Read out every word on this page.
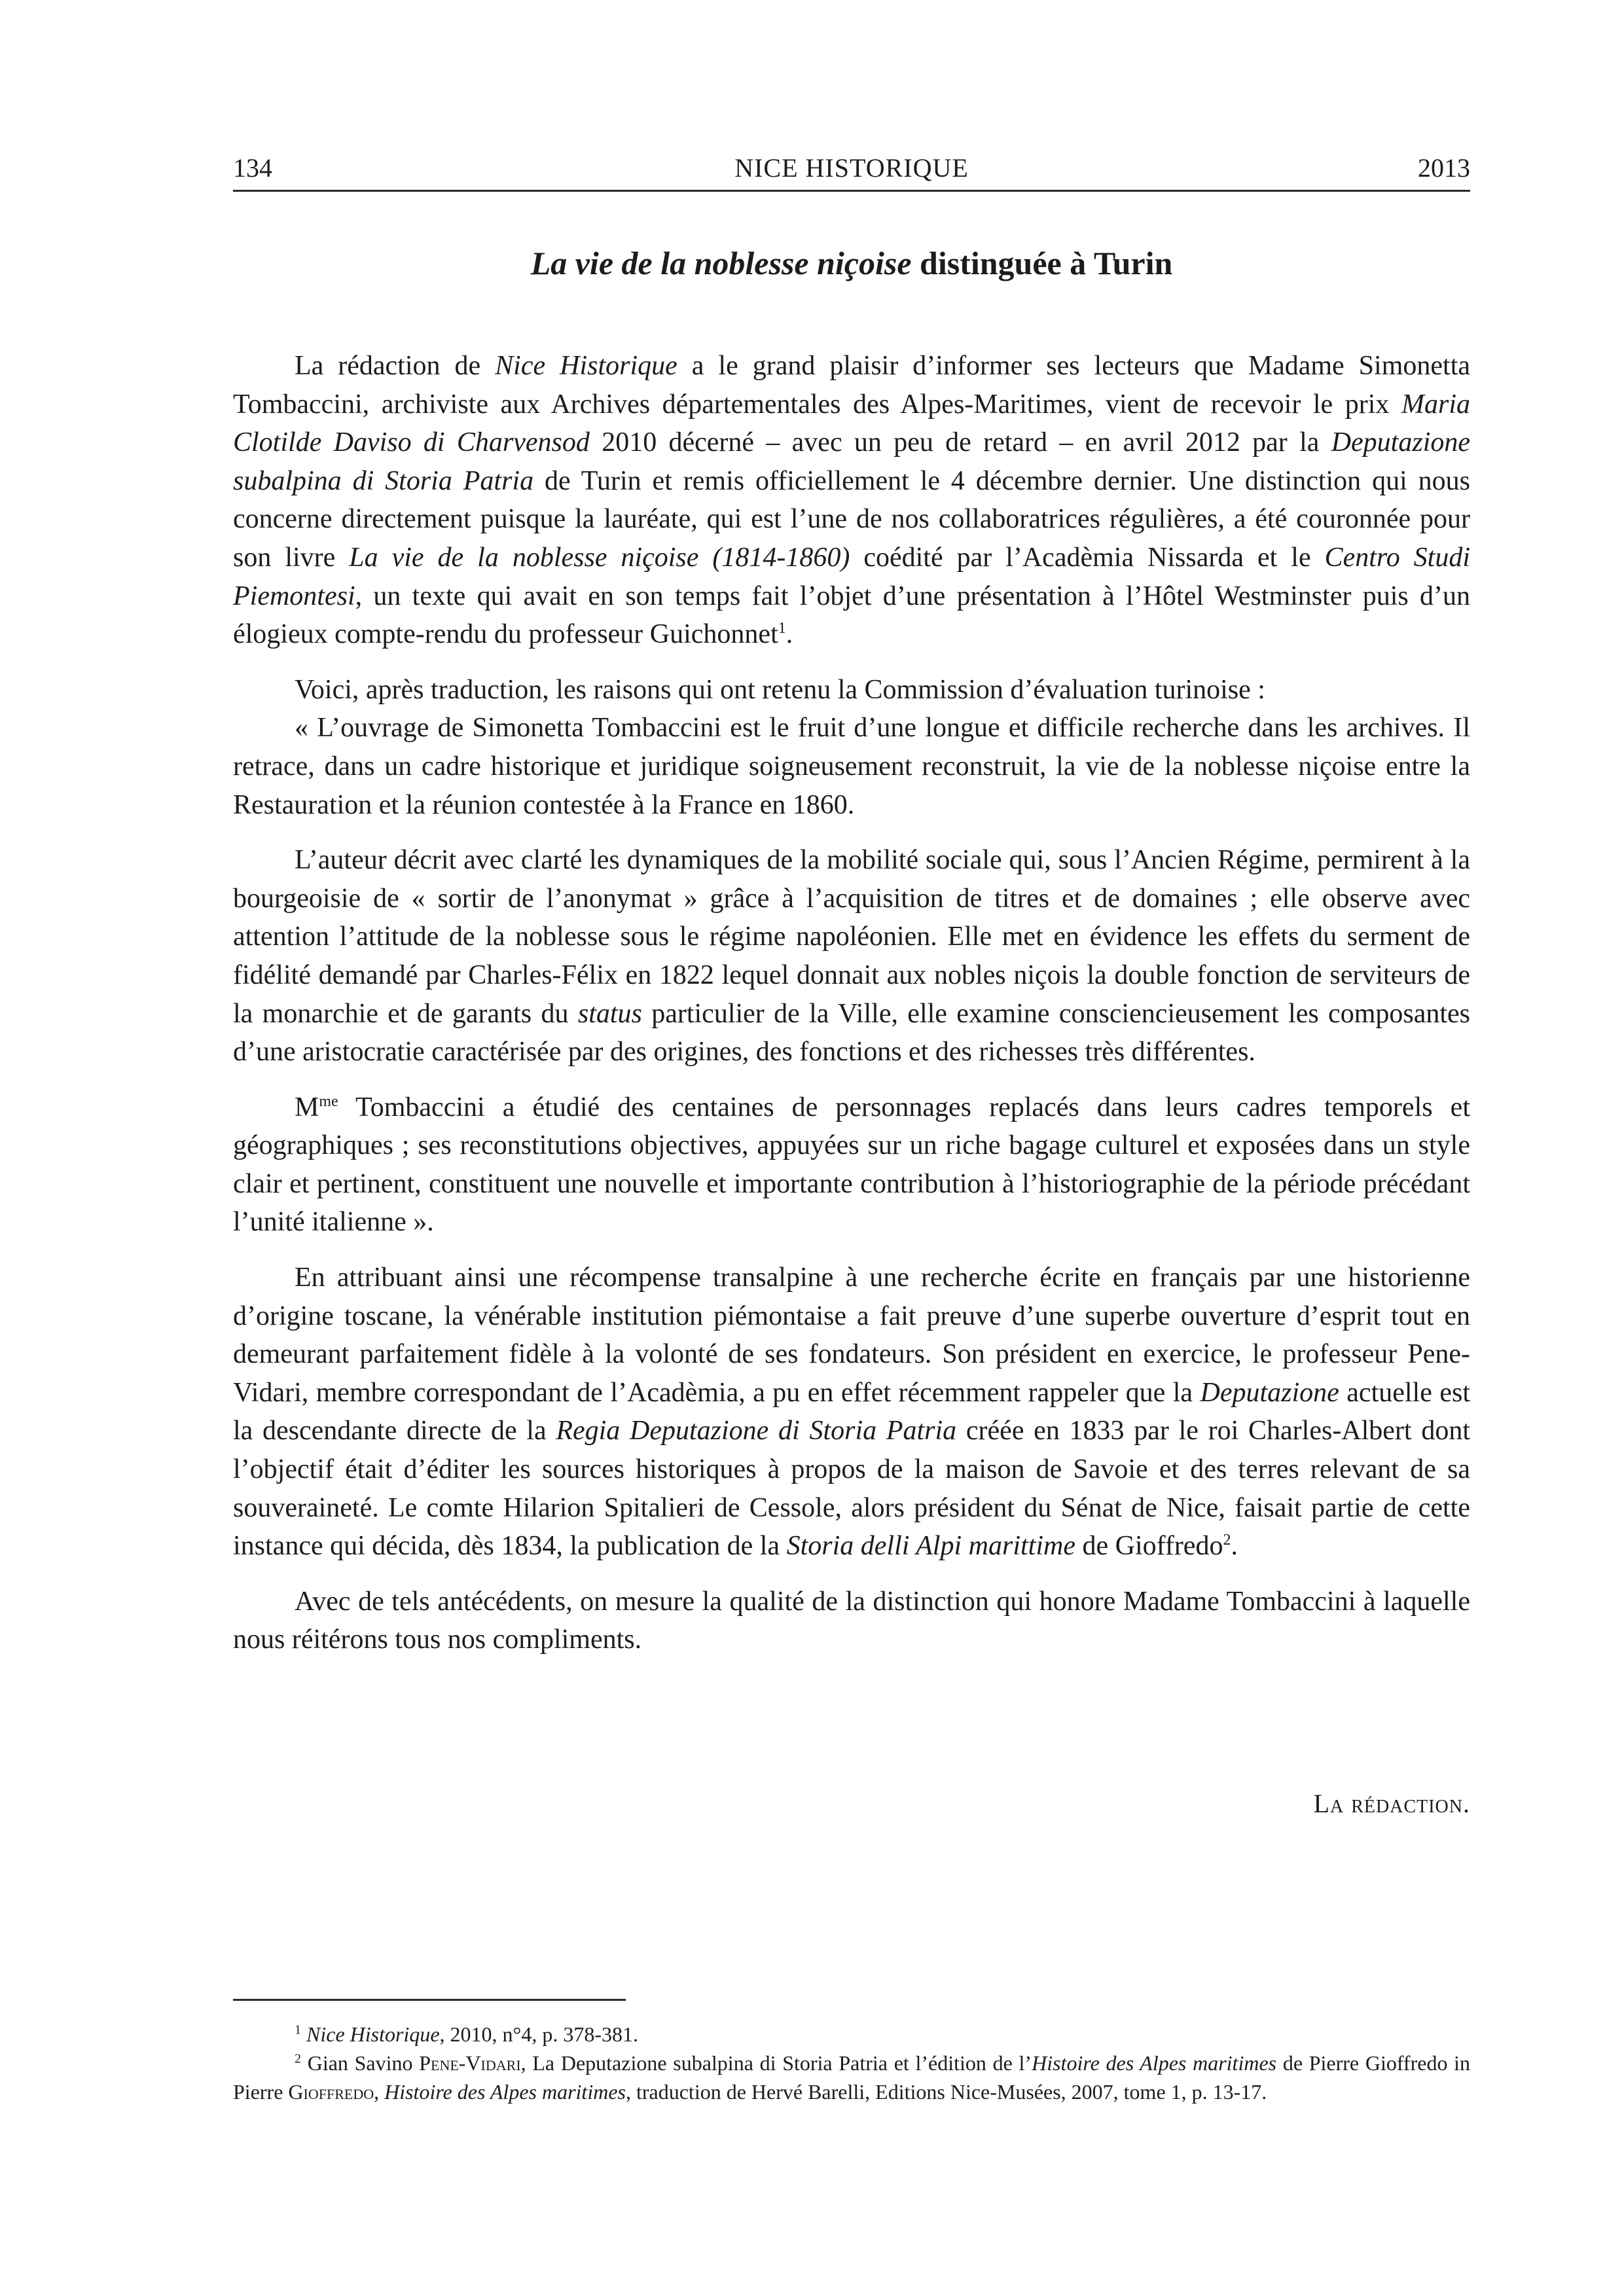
134	NICE HISTORIQUE	2013
La vie de la noblesse niçoise distinguée à Turin

La rédaction de Nice Historique a le grand plaisir d’informer ses lecteurs que Madame Simonetta Tombaccini, archiviste aux Archives départementales des Alpes-Maritimes, vient de recevoir le prix Maria Clotilde Daviso di Charvensod 2010 décerné – avec un peu de retard – en avril 2012 par la Deputazione subalpina di Storia Patria de Turin et remis officiellement le 4 décembre dernier. Une distinction qui nous concerne directement puisque la lauréate, qui est l’une de nos collaboratrices régulières, a été couronnée pour son livre La vie de la noblesse niçoise (1814-1860) coédité par l’Acadèmia Nissarda et le Centro Studi Piemontesi, un texte qui avait en son temps fait l’objet d’une présentation à l’Hôtel Westminster puis d’un élogieux compte-rendu du professeur Guichonnet$^1$.

Voici, après traduction, les raisons qui ont retenu la Commission d’évaluation turinoise :

« L’ouvrage de Simonetta Tombaccini est le fruit d’une longue et difficile recherche dans les archives. Il retrace, dans un cadre historique et juridique soigneusement reconstruit, la vie de la noblesse niçoise entre la Restauration et la réunion contestée à la France en 1860.

L’auteur décrit avec clarté les dynamiques de la mobilité sociale qui, sous l’Ancien Régime, permirent à la bourgeoisie de « sortir de l’anonymat » grâce à l’acquisition de titres et de domaines ; elle observe avec attention l’attitude de la noblesse sous le régime napoléonien. Elle met en évidence les effets du serment de fidélité demandé par Charles-Félix en 1822 lequel donnait aux nobles niçois la double fonction de serviteurs de la monarchie et de garants du status particulier de la Ville, elle examine consciencieusement les composantes d’une aristocratie caractérisée par des origines, des fonctions et des richesses très différentes.

$M^{me}$ Tombaccini a étudié des centaines de personnages replacés dans leurs cadres temporels et géographiques ; ses reconstitutions objectives, appuyées sur un riche bagage culturel et exposées dans un style clair et pertinent, constituent une nouvelle et importante contribution à l’historiographie de la période précédant l’unité italienne ».

En attribuant ainsi une récompense transalpine à une recherche écrite en français par une historienne d’origine toscane, la vénérable institution piémontaise a fait preuve d’une superbe ouverture d’esprit tout en demeurant parfaitement fidèle à la volonté de ses fondateurs. Son président en exercice, le professeur Pene-Vidari, membre correspondant de l’Acadèmia, a pu en effet récemment rappeler que la Deputazione actuelle est la descendante directe de la Regia Deputazione di Storia Patria créée en 1833 par le roi Charles-Albert dont l’objectif était d’éditer les sources historiques à propos de la maison de Savoie et des terres relevant de sa souveraineté. Le comte Hilarion Spitalieri de Cessole, alors président du Sénat de Nice, faisait partie de cette instance qui décida, dès 1834, la publication de la Storia delli Alpi marittime de Gioffredo$^2$.

Avec de tels antécédents, on mesure la qualité de la distinction qui honore Madame Tombaccini à laquelle nous réitérons tous nos compliments.

La rédaction.

$^1$ Nice Historique, 2010, n°4, p. 378-381.

$^2$ Gian Savino Pene-Vidari, La Deputazione subalpina di Storia Patria et l’édition de l’Histoire des Alpes maritimes de Pierre Gioffredo in Pierre Gioffredo, Histoire des Alpes maritimes, traduction de Hervé Barelli, Editions Nice-Musées, 2007, tome 1, p. 13-17.
